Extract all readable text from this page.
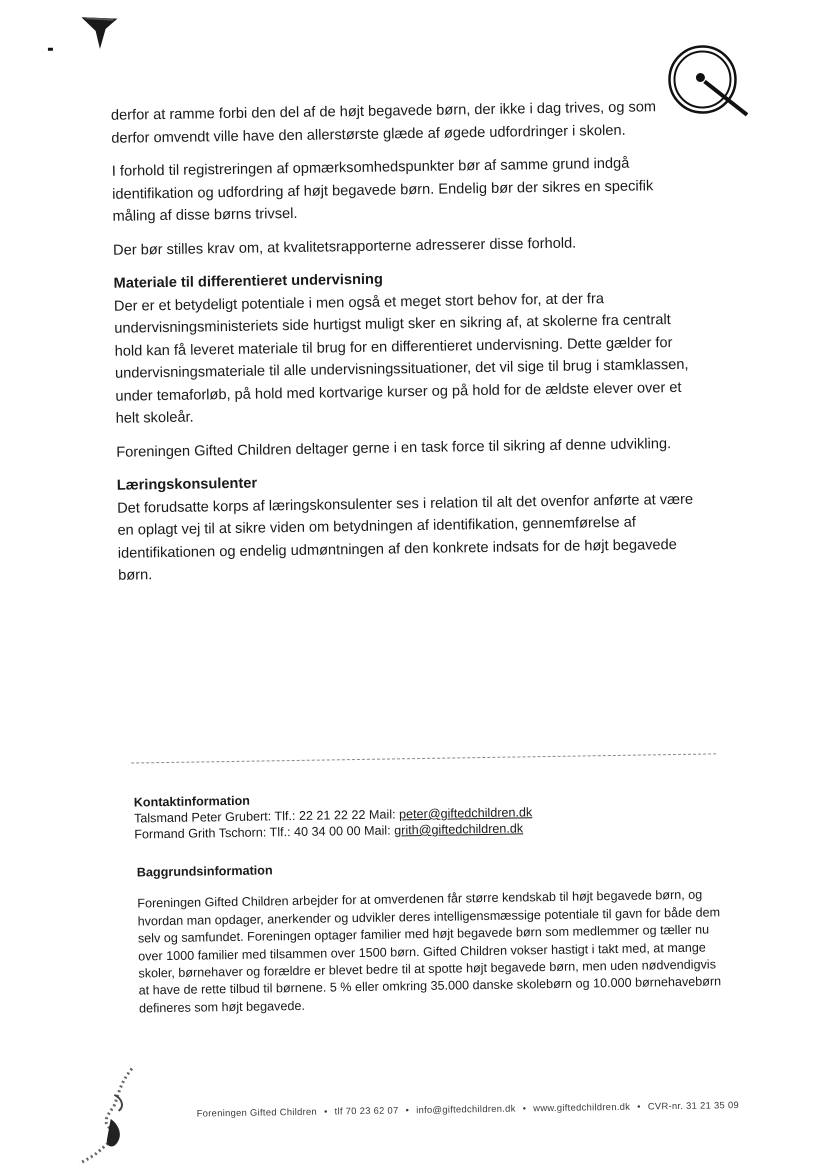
derfor at ramme forbi den del af de højt begavede børn, der ikke i dag trives, og som derfor omvendt ville have den allerstørste glæde af øgede udfordringer i skolen.

I forhold til registreringen af opmærksomhedspunkter bør af samme grund indgå identifikation og udfordring af højt begavede børn. Endelig bør der sikres en specifik måling af disse børns trivsel.

Der bør stilles krav om, at kvalitetsrapporterne adresserer disse forhold.

Materiale til differentieret undervisning

Der er et betydeligt potentiale i men også et meget stort behov for, at der fra undervisningsministeriets side hurtigst muligt sker en sikring af, at skolerne fra centralt hold kan få leveret materiale til brug for en differentieret undervisning. Dette gælder for undervisningsmateriale til alle undervisningssituationer, det vil sige til brug i stamklassen, under temaforløb, på hold med kortvarige kurser og på hold for de ældste elever over et helt skoleår.

Foreningen Gifted Children deltager gerne i en task force til sikring af denne udvikling.

Læringskonsulenter

Det forudsatte korps af læringskonsulenter ses i relation til alt det ovenfor anførte at være en oplagt vej til at sikre viden om betydningen af identifikation, gennemførelse af identifikationen og endelig udmøntningen af den konkrete indsats for de højt begavede børn.

Kontaktinformation
Talsmand Peter Grubert: Tlf.: 22 21 22 22 Mail: peter@giftedchildren.dk
Formand Grith Tschorn: Tlf.: 40 34 00 00 Mail: grith@giftedchildren.dk
Baggrundsinformation

Foreningen Gifted Children arbejder for at omverdenen får større kendskab til højt begavede børn, og hvordan man opdager, anerkender og udvikler deres intelligensmæssige potentiale til gavn for både dem selv og samfundet. Foreningen optager familier med højt begavede børn som medlemmer og tæller nu over 1000 familier med tilsammen over 1500 børn. Gifted Children vokser hastigt i takt med, at mange skoler, børnehaver og forældre er blevet bedre til at spotte højt begavede børn, men uden nødvendigvis at have de rette tilbud til børnene. 5 % eller omkring 35.000 danske skolebørn og 10.000 børnehavebørn defineres som højt begavede.

Foreningen Gifted Children • tlf 70 23 62 07 • info@giftedchildren.dk • www.giftedchildren.dk • CVR-nr. 31 21 35 09
